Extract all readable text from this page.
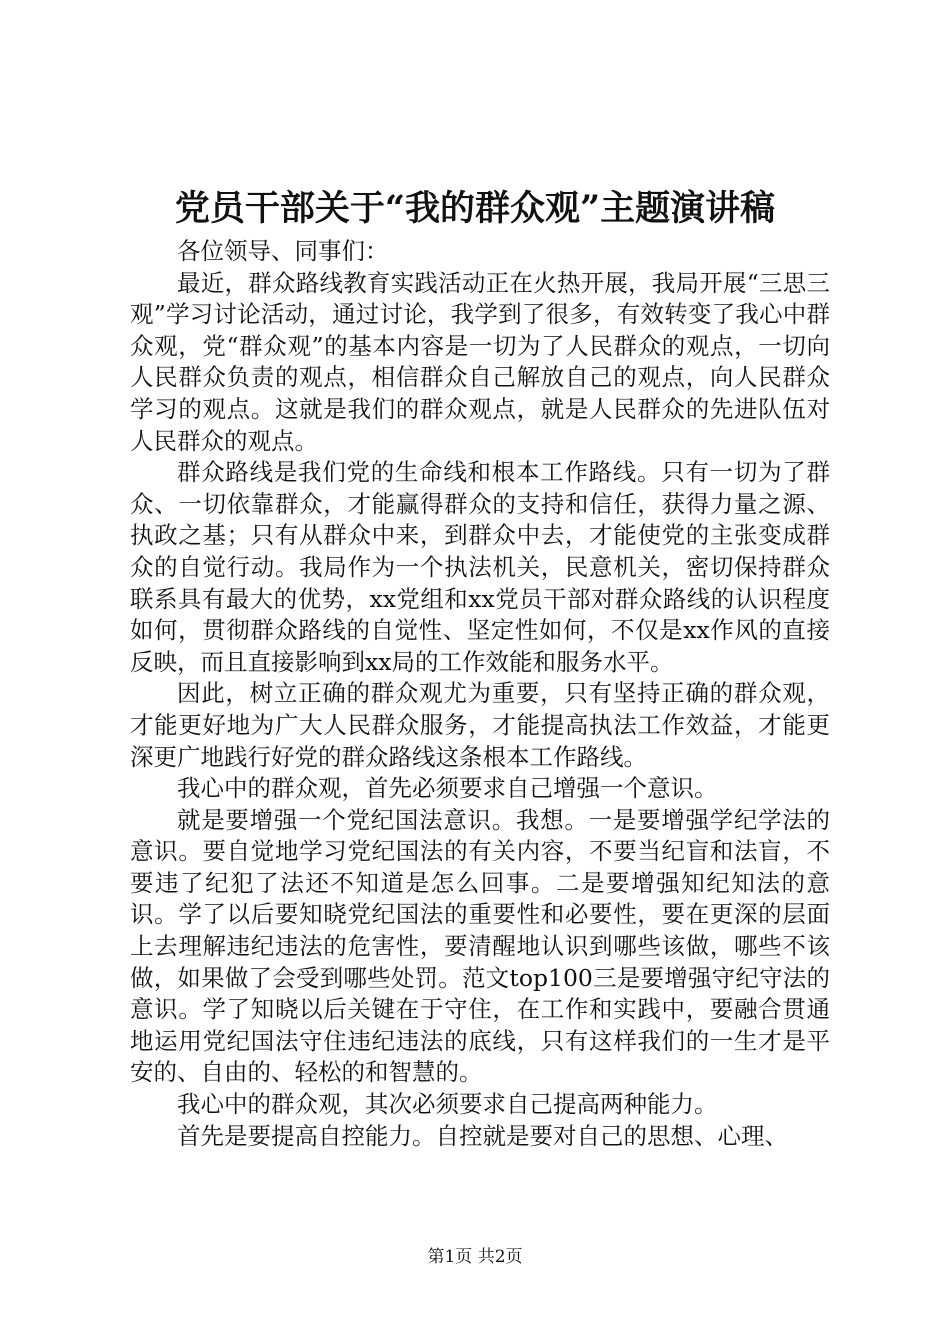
党员干部关于“我的群众观”主题演讲稿

各位领导、同事们：

最近，群众路线教育实践活动正在火热开展，我局开展“三思三观”学习讨论活动，通过讨论，我学到了很多，有效转变了我心中群众观，党“群众观”的基本内容是一切为了人民群众的观点，一切向人民群众负责的观点，相信群众自己解放自己的观点，向人民群众学习的观点。这就是我们的群众观点，就是人民群众的先进队伍对人民群众的观点。

群众路线是我们党的生命线和根本工作路线。只有一切为了群众、一切依靠群众，才能赢得群众的支持和信任，获得力量之源、执政之基；只有从群众中来，到群众中去，才能使党的主张变成群众的自觉行动。我局作为一个执法机关，民意机关，密切保持群众联系具有最大的优势，xx党组和xx党员干部对群众路线的认识程度如何，贯彻群众路线的自觉性、坚定性如何，不仅是xx作风的直接反映，而且直接影响到xx局的工作效能和服务水平。

因此，树立正确的群众观尤为重要，只有坚持正确的群众观，才能更好地为广大人民群众服务，才能提高执法工作效益，才能更深更广地践行好党的群众路线这条根本工作路线。

我心中的群众观，首先必须要求自己增强一个意识。

就是要增强一个党纪国法意识。我想。一是要增强学纪学法的意识。要自觉地学习党纪国法的有关内容，不要当纪盲和法盲，不要违了纪犯了法还不知道是怎么回事。二是要增强知纪知法的意识。学了以后要知晓党纪国法的重要性和必要性，要在更深的层面上去理解违纪违法的危害性，要清醒地认识到哪些该做，哪些不该做，如果做了会受到哪些处罚。范文top100三是要增强守纪守法的意识。学了知晓以后关键在于守住，在工作和实践中，要融合贯通地运用党纪国法守住违纪违法的底线，只有这样我们的一生才是平安的、自由的、轻松的和智慧的。

我心中的群众观，其次必须要求自己提高两种能力。

首先是要提高自控能力。自控就是要对自己的思想、心理、

第1页 共2页
